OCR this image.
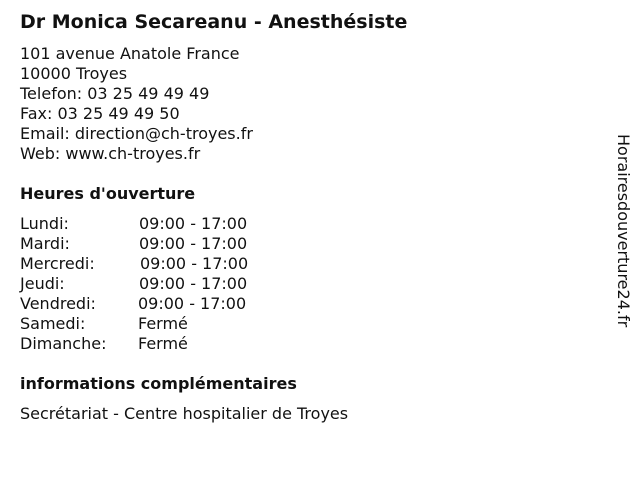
Dr Monica Secareanu - Anesthésiste
101 avenue Anatole France
10000 Troyes
Telefon: 03 25 49 49 49
Fax: 03 25 49 49 50
Email: direction@ch-troyes.fr
Web: www.ch-troyes.fr
Heures d'ouverture
Lundi:	09:00 - 17:00
Mardi:	09:00 - 17:00
Mercredi:	09:00 - 17:00
Jeudi:	09:00 - 17:00
Vendredi:	09:00 - 17:00
Samedi:	Fermé
Dimanche: Fermé
informations complémentaires
Secrétariat - Centre hospitalier de Troyes
Horairesdouverture24.fr
